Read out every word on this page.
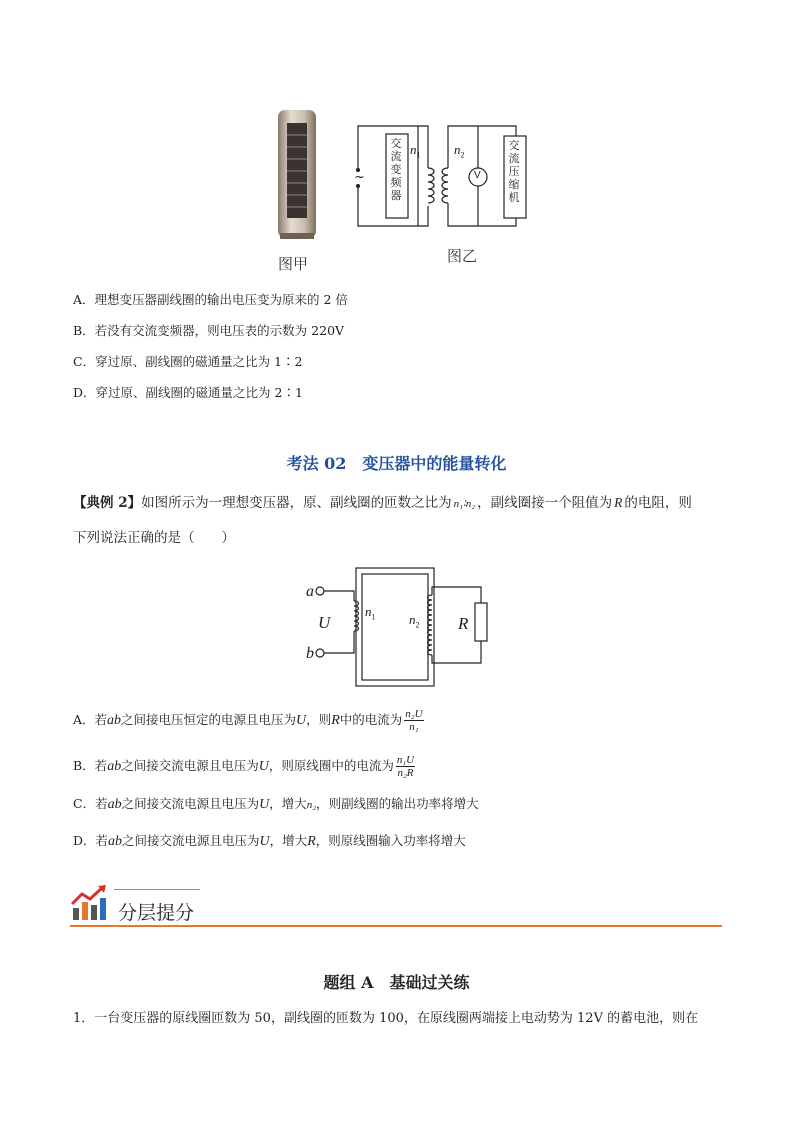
图甲
~
交流变频器
交流压缩机
$n_1$	$n_2$
V
图乙
A．理想变压器副线圈的输出电压变为原来的 2 倍
B．若没有交流变频器，则电压表的示数为 220V
C．穿过原、副线圈的磁通量之比为 1∶2
D．穿过原、副线圈的磁通量之比为 2∶1
考法 02　变压器中的能量转化
【典例 2】如图所示为一理想变压器，原、副线圈的匝数之比为 n₁∶n₂ ，副线圈接一个阻值为 R 的电阻，则
下列说法正确的是（　　）
a
b
U
$n_1$	$n_2$ R
A．若ab之间接电压恒定的电源且电压为U，则R中的电流为 $\frac{\text{n₂U}}{\text{n₁}}$
B．若ab之间接交流电源且电压为U，则原线圈中的电流为 $\frac{\text{n₁U}}{\text{n₂R}}$
C．若ab之间接交流电源且电压为U，增大n₂，则副线圈的输出功率将增大
D．若ab之间接交流电源且电压为U，增大R，则原线圈输入功率将增大
分层提分
题组 A　基础过关练
1．一台变压器的原线圈匝数为 50，副线圈的匝数为 100，在原线圈两端接上电动势为 12V 的蓄电池，则在
